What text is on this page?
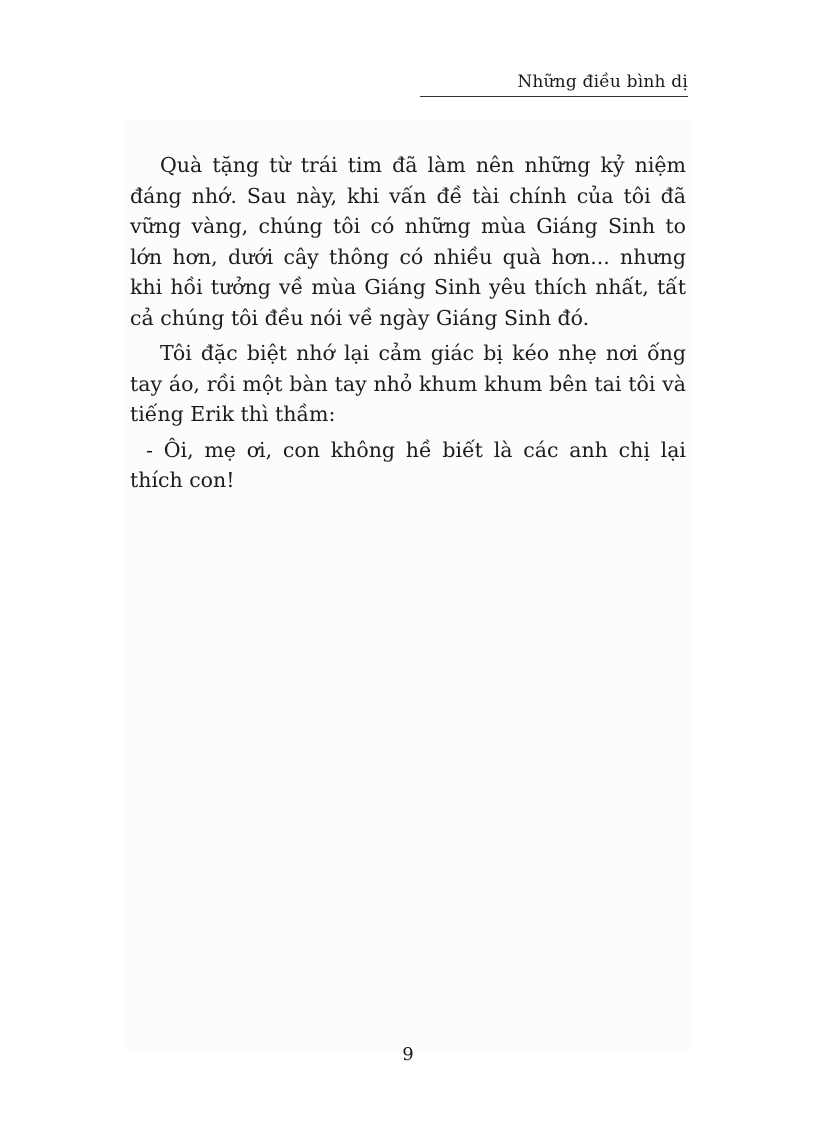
Những điều bình dị

Quà tặng từ trái tim đã làm nên những kỷ niệm đáng nhớ. Sau này, khi vấn đề tài chính của tôi đã vững vàng, chúng tôi có những mùa Giáng Sinh to lớn hơn, dưới cây thông có nhiều quà hơn... nhưng khi hồi tưởng về mùa Giáng Sinh yêu thích nhất, tất cả chúng tôi đều nói về ngày Giáng Sinh đó.

Tôi đặc biệt nhớ lại cảm giác bị kéo nhẹ nơi ống tay áo, rồi một bàn tay nhỏ khum khum bên tai tôi và tiếng Erik thì thầm:

- Ôi, mẹ ơi, con không hề biết là các anh chị lại thích con!

9
